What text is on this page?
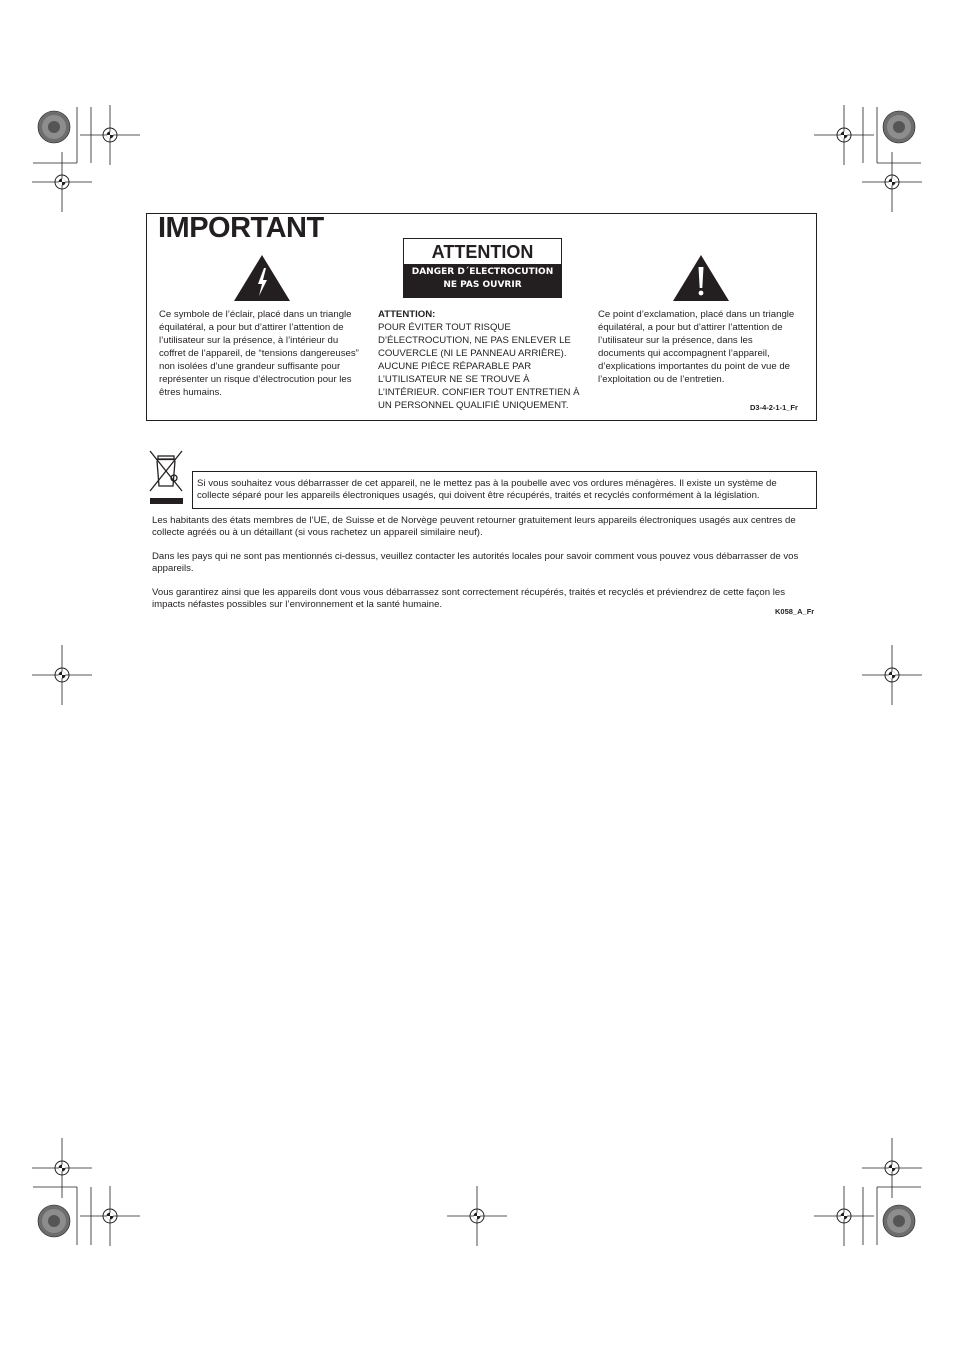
IMPORTANT
ATTENTION
DANGER D´ELECTROCUTION
NE PAS OUVRIR
Ce symbole de l’éclair, placé dans un triangle équilatéral, a pour but d’attirer l’attention de l’utilisateur sur la présence, à l’intérieur du coffret de l’appareil, de “tensions dangereuses” non isolées d’une grandeur suffisante pour représenter un risque d’électrocution pour les êtres humains.
ATTENTION:
POUR ÉVITER TOUT RISQUE D’ÉLECTROCUTION, NE PAS ENLEVER LE COUVERCLE (NI LE PANNEAU ARRIÈRE). AUCUNE PIÈCE RÉPARABLE PAR L’UTILISATEUR NE SE TROUVE À L’INTÉRIEUR. CONFIER TOUT ENTRETIEN À UN PERSONNEL QUALIFIÉ UNIQUEMENT.
Ce point d’exclamation, placé dans un triangle équilatéral, a pour but d’attirer l’attention de l’utilisateur sur la présence, dans les documents qui accompagnent l’appareil, d’explications importantes du point de vue de l’exploitation ou de l’entretien.
D3-4-2-1-1_Fr
Si vous souhaitez vous débarrasser de cet appareil, ne le mettez pas à la poubelle avec vos ordures ménagères. Il existe un système de collecte séparé pour les appareils électroniques usagés, qui doivent être récupérés, traités et recyclés conformément à la législation.
Les habitants des états membres de l’UE, de Suisse et de Norvège peuvent retourner gratuitement leurs appareils électroniques usagés aux centres de collecte agréés ou à un détaillant (si vous rachetez un appareil similaire neuf).
Dans les pays qui ne sont pas mentionnés ci-dessus, veuillez contacter les autorités locales pour savoir comment vous pouvez vous débarrasser de vos appareils.
Vous garantirez ainsi que les appareils dont vous vous débarrassez sont correctement récupérés, traités et recyclés et préviendrez de cette façon les impacts néfastes possibles sur l’environnement et la santé humaine.
K058_A_Fr
